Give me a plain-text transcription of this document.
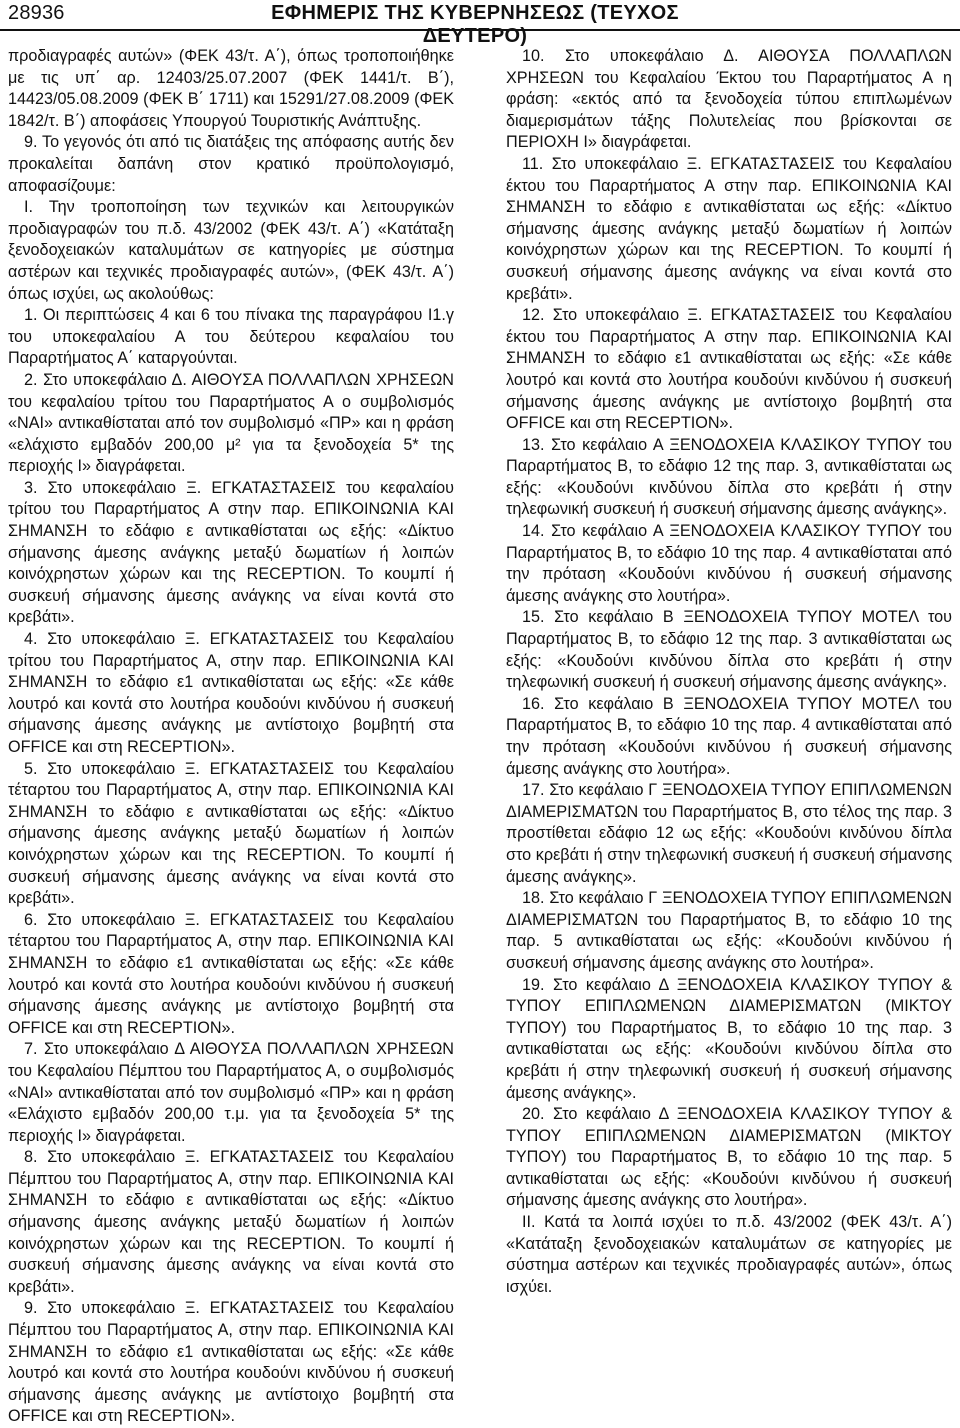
28936	ΕΦΗΜΕΡΙΣ ΤΗΣ ΚΥΒΕΡΝΗΣΕΩΣ (ΤΕΥΧΟΣ ΔΕΥΤΕΡΟ)

προδιαγραφές αυτών» (ΦΕΚ 43/τ. Α΄), όπως τροποποιήθηκε με τις υπ΄ αρ. 12403/25.07.2007 (ΦΕΚ 1441/τ. Β΄), 14423/05.08.2009 (ΦΕΚ Β΄ 1711) και 15291/27.08.2009 (ΦΕΚ 1842/τ. Β΄) αποφάσεις Υπουργού Τουριστικής Ανάπτυξης.

9. Το γεγονός ότι από τις διατάξεις της απόφασης αυτής δεν προκαλείται δαπάνη στον κρατικό προϋπολογισμό, αποφασίζουμε:

Ι. Την τροποποίηση των τεχνικών και λειτουργικών προδιαγραφών του π.δ. 43/2002 (ΦΕΚ 43/τ. Α΄) «Κατάταξη ξενοδοχειακών καταλυμάτων σε κατηγορίες με σύστημα αστέρων και τεχνικές προδιαγραφές αυτών», (ΦΕΚ 43/τ. Α΄) όπως ισχύει, ως ακολούθως:

1. Οι περιπτώσεις 4 και 6 του πίνακα της παραγράφου Ι1.γ του υποκεφαλαίου Α του δεύτερου κεφαλαίου του Παραρτήματος Α΄ καταργούνται.

2. Στο υποκεφάλαιο Δ. ΑΙΘΟΥΣΑ ΠΟΛΛΑΠΛΩΝ ΧΡΗΣΕΩΝ του κεφαλαίου τρίτου του Παραρτήματος Α ο συμβολισμός «ΝΑΙ» αντικαθίσταται από τον συμβολισμό «ΠΡ» και η φράση «ελάχιστο εμβαδόν 200,00 μ² για τα ξενοδοχεία 5* της περιοχής Ι» διαγράφεται.

3. Στο υποκεφάλαιο Ξ. ΕΓΚΑΤΑΣΤΑΣΕΙΣ του κεφαλαίου τρίτου του Παραρτήματος Α στην παρ. ΕΠΙΚΟΙΝΩΝΙΑ ΚΑΙ ΣΗΜΑΝΣΗ το εδάφιο ε αντικαθίσταται ως εξής: «Δίκτυο σήμανσης άμεσης ανάγκης μεταξύ δωματίων ή λοιπών κοινόχρηστων χώρων και της RECEPTION. Το κουμπί ή συσκευή σήμανσης άμεσης ανάγκης να είναι κοντά στο κρεβάτι».

4. Στο υποκεφάλαιο Ξ. ΕΓΚΑΤΑΣΤΑΣΕΙΣ του Κεφαλαίου τρίτου του Παραρτήματος Α, στην παρ. ΕΠΙΚΟΙΝΩΝΙΑ ΚΑΙ ΣΗΜΑΝΣΗ το εδάφιο ε1 αντικαθίσταται ως εξής: «Σε κάθε λουτρό και κοντά στο λουτήρα κουδούνι κινδύνου ή συσκευή σήμανσης άμεσης ανάγκης με αντίστοιχο βομβητή στα OFFICE και στη RECEPTION».

5. Στο υποκεφάλαιο Ξ. ΕΓΚΑΤΑΣΤΑΣΕΙΣ του Κεφαλαίου τέταρτου του Παραρτήματος Α, στην παρ. ΕΠΙΚΟΙΝΩΝΙΑ ΚΑΙ ΣΗΜΑΝΣΗ το εδάφιο ε αντικαθίσταται ως εξής: «Δίκτυο σήμανσης άμεσης ανάγκης μεταξύ δωματίων ή λοιπών κοινόχρηστων χώρων και της RECEPTION. Το κουμπί ή συσκευή σήμανσης άμεσης ανάγκης να είναι κοντά στο κρεβάτι».

6. Στο υποκεφάλαιο Ξ. ΕΓΚΑΤΑΣΤΑΣΕΙΣ του Κεφαλαίου τέταρτου του Παραρτήματος Α, στην παρ. ΕΠΙΚΟΙΝΩΝΙΑ ΚΑΙ ΣΗΜΑΝΣΗ το εδάφιο ε1 αντικαθίσταται ως εξής: «Σε κάθε λουτρό και κοντά στο λουτήρα κουδούνι κινδύνου ή συσκευή σήμανσης άμεσης ανάγκης με αντίστοιχο βομβητή στα OFFICE και στη RECEPTION».

7. Στο υποκεφάλαιο Δ ΑΙΘΟΥΣΑ ΠΟΛΛΑΠΛΩΝ ΧΡΗΣΕΩΝ του Κεφαλαίου Πέμπτου του Παραρτήματος Α, ο συμβολισμός «ΝΑΙ» αντικαθίσταται από τον συμβολισμό «ΠΡ» και η φράση «Ελάχιστο εμβαδόν 200,00 τ.μ. για τα ξενοδοχεία 5* της περιοχής Ι» διαγράφεται.

8. Στο υποκεφάλαιο Ξ. ΕΓΚΑΤΑΣΤΑΣΕΙΣ του Κεφαλαίου Πέμπτου του Παραρτήματος Α, στην παρ. ΕΠΙΚΟΙΝΩΝΙΑ ΚΑΙ ΣΗΜΑΝΣΗ το εδάφιο ε αντικαθίσταται ως εξής: «Δίκτυο σήμανσης άμεσης ανάγκης μεταξύ δωματίων ή λοιπών κοινόχρηστων χώρων και της RECEPTION. Το κουμπί ή συσκευή σήμανσης άμεσης ανάγκης να είναι κοντά στο κρεβάτι».

9. Στο υποκεφάλαιο Ξ. ΕΓΚΑΤΑΣΤΑΣΕΙΣ του Κεφαλαίου Πέμπτου του Παραρτήματος Α, στην παρ. ΕΠΙΚΟΙΝΩΝΙΑ ΚΑΙ ΣΗΜΑΝΣΗ το εδάφιο ε1 αντικαθίσταται ως εξής: «Σε κάθε λουτρό και κοντά στο λουτήρα κουδούνι κινδύνου ή συσκευή σήμανσης άμεσης ανάγκης με αντίστοιχο βομβητή στα OFFICE και στη RECEPTION».

10. Στο υποκεφάλαιο Δ. ΑΙΘΟΥΣΑ ΠΟΛΛΑΠΛΩΝ ΧΡΗΣΕΩΝ του Κεφαλαίου Έκτου του Παραρτήματος Α η φράση: «εκτός από τα ξενοδοχεία τύπου επιπλωμένων διαμερισμάτων τάξης Πολυτελείας που βρίσκονται σε ΠΕΡΙΟΧΗ Ι» διαγράφεται.

11. Στο υποκεφάλαιο Ξ. ΕΓΚΑΤΑΣΤΑΣΕΙΣ του Κεφαλαίου έκτου του Παραρτήματος Α στην παρ. ΕΠΙΚΟΙΝΩΝΙΑ ΚΑΙ ΣΗΜΑΝΣΗ το εδάφιο ε αντικαθίσταται ως εξής: «Δίκτυο σήμανσης άμεσης ανάγκης μεταξύ δωματίων ή λοιπών κοινόχρηστων χώρων και της RECEPTION. Το κουμπί ή συσκευή σήμανσης άμεσης ανάγκης να είναι κοντά στο κρεβάτι».

12. Στο υποκεφάλαιο Ξ. ΕΓΚΑΤΑΣΤΑΣΕΙΣ του Κεφαλαίου έκτου του Παραρτήματος Α στην παρ. ΕΠΙΚΟΙΝΩΝΙΑ ΚΑΙ ΣΗΜΑΝΣΗ το εδάφιο ε1 αντικαθίσταται ως εξής: «Σε κάθε λουτρό και κοντά στο λουτήρα κουδούνι κινδύνου ή συσκευή σήμανσης άμεσης ανάγκης με αντίστοιχο βομβητή στα OFFICE και στη RECEPTION».

13. Στο κεφάλαιο Α ΞΕΝΟΔΟΧΕΙΑ ΚΛΑΣΙΚΟΥ ΤΥΠΟΥ του Παραρτήματος Β, το εδάφιο 12 της παρ. 3, αντικαθίσταται ως εξής: «Κουδούνι κινδύνου δίπλα στο κρεβάτι ή στην τηλεφωνική συσκευή ή συσκευή σήμανσης άμεσης ανάγκης».

14. Στο κεφάλαιο Α ΞΕΝΟΔΟΧΕΙΑ ΚΛΑΣΙΚΟΥ ΤΥΠΟΥ του Παραρτήματος Β, το εδάφιο 10 της παρ. 4 αντικαθίσταται από την πρόταση «Κουδούνι κινδύνου ή συσκευή σήμανσης άμεσης ανάγκης στο λουτήρα».

15. Στο κεφάλαιο Β ΞΕΝΟΔΟΧΕΙΑ ΤΥΠΟΥ ΜΟΤΕΛ του Παραρτήματος Β, το εδάφιο 12 της παρ. 3 αντικαθίσταται ως εξής: «Κουδούνι κινδύνου δίπλα στο κρεβάτι ή στην τηλεφωνική συσκευή ή συσκευή σήμανσης άμεσης ανάγκης».

16. Στο κεφάλαιο Β ΞΕΝΟΔΟΧΕΙΑ ΤΥΠΟΥ ΜΟΤΕΛ του Παραρτήματος Β, το εδάφιο 10 της παρ. 4 αντικαθίσταται από την πρόταση «Κουδούνι κινδύνου ή συσκευή σήμανσης άμεσης ανάγκης στο λουτήρα».

17. Στο κεφάλαιο Γ ΞΕΝΟΔΟΧΕΙΑ ΤΥΠΟΥ ΕΠΙΠΛΩΜΕΝΩΝ ΔΙΑΜΕΡΙΣΜΑΤΩΝ του Παραρτήματος Β, στο τέλος της παρ. 3 προστίθεται εδάφιο 12 ως εξής: «Κουδούνι κινδύνου δίπλα στο κρεβάτι ή στην τηλεφωνική συσκευή ή συσκευή σήμανσης άμεσης ανάγκης».

18. Στο κεφάλαιο Γ ΞΕΝΟΔΟΧΕΙΑ ΤΥΠΟΥ ΕΠΙΠΛΩΜΕΝΩΝ ΔΙΑΜΕΡΙΣΜΑΤΩΝ του Παραρτήματος Β, το εδάφιο 10 της παρ. 5 αντικαθίσταται ως εξής: «Κουδούνι κινδύνου ή συσκευή σήμανσης άμεσης ανάγκης στο λουτήρα».

19. Στο κεφάλαιο Δ ΞΕΝΟΔΟΧΕΙΑ ΚΛΑΣΙΚΟΥ ΤΥΠΟΥ & ΤΥΠΟΥ ΕΠΙΠΛΩΜΕΝΩΝ ΔΙΑΜΕΡΙΣΜΑΤΩΝ (ΜΙΚΤΟΥ ΤΥΠΟΥ) του Παραρτήματος Β, το εδάφιο 10 της παρ. 3 αντικαθίσταται ως εξής: «Κουδούνι κινδύνου δίπλα στο κρεβάτι ή στην τηλεφωνική συσκευή ή συσκευή σήμανσης άμεσης ανάγκης».

20. Στο κεφάλαιο Δ ΞΕΝΟΔΟΧΕΙΑ ΚΛΑΣΙΚΟΥ ΤΥΠΟΥ & ΤΥΠΟΥ ΕΠΙΠΛΩΜΕΝΩΝ ΔΙΑΜΕΡΙΣΜΑΤΩΝ (ΜΙΚΤΟΥ ΤΥΠΟΥ) του Παραρτήματος Β, το εδάφιο 10 της παρ. 5 αντικαθίσταται ως εξής: «Κουδούνι κινδύνου ή συσκευή σήμανσης άμεσης ανάγκης στο λουτήρα».

ΙΙ. Κατά τα λοιπά ισχύει το π.δ. 43/2002 (ΦΕΚ 43/τ. Α΄) «Κατάταξη ξενοδοχειακών καταλυμάτων σε κατηγορίες με σύστημα αστέρων και τεχνικές προδιαγραφές αυτών», όπως ισχύει.
